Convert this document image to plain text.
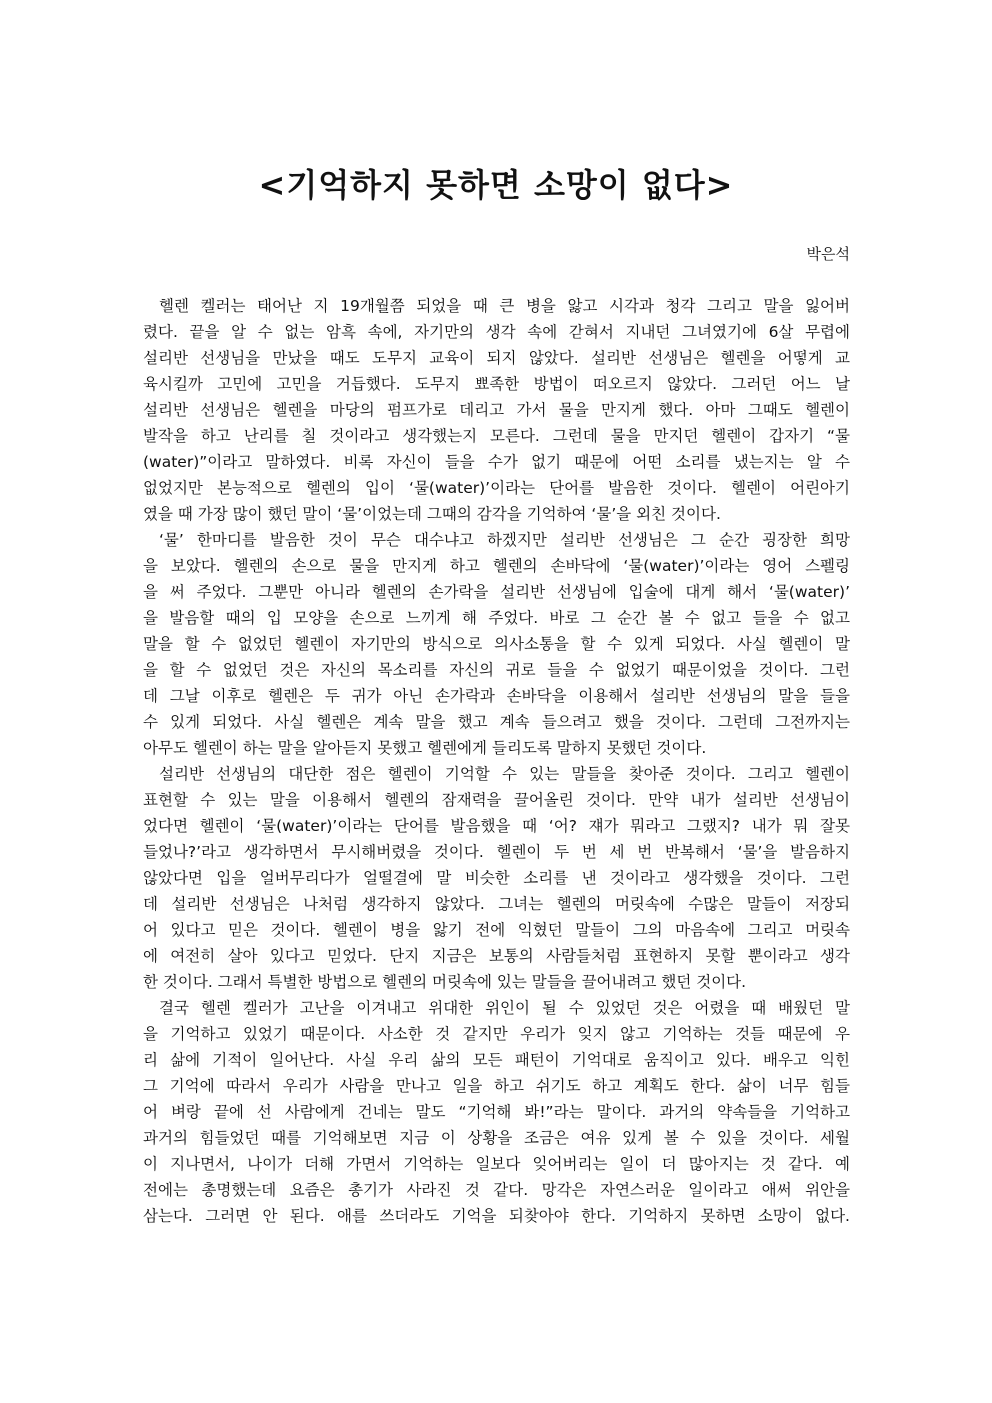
<기억하지 못하면 소망이 없다>
박은석
헬렌 켈러는 태어난 지 19개월쯤 되었을 때 큰 병을 앓고 시각과 청각 그리고 말을 잃어버
렸다. 끝을 알 수 없는 암흑 속에, 자기만의 생각 속에 갇혀서 지내던 그녀였기에 6살 무렵에
설리반 선생님을 만났을 때도 도무지 교육이 되지 않았다. 설리반 선생님은 헬렌을 어떻게 교
육시킬까 고민에 고민을 거듭했다. 도무지 뾰족한 방법이 떠오르지 않았다. 그러던 어느 날
설리반 선생님은 헬렌을 마당의 펌프가로 데리고 가서 물을 만지게 했다. 아마 그때도 헬렌이
발작을 하고 난리를 칠 것이라고 생각했는지 모른다. 그런데 물을 만지던 헬렌이 갑자기 “물
(water)”이라고 말하였다. 비록 자신이 들을 수가 없기 때문에 어떤 소리를 냈는지는 알 수
없었지만 본능적으로 헬렌의 입이 ‘물(water)’이라는 단어를 발음한 것이다. 헬렌이 어린아기
였을 때 가장 많이 했던 말이 ‘물’이었는데 그때의 감각을 기억하여 ‘물’을 외친 것이다.
‘물’ 한마디를 발음한 것이 무슨 대수냐고 하겠지만 설리반 선생님은 그 순간 굉장한 희망
을 보았다. 헬렌의 손으로 물을 만지게 하고 헬렌의 손바닥에 ‘물(water)’이라는 영어 스펠링
을 써 주었다. 그뿐만 아니라 헬렌의 손가락을 설리반 선생님에 입술에 대게 해서 ‘물(water)’
을 발음할 때의 입 모양을 손으로 느끼게 해 주었다. 바로 그 순간 볼 수 없고 들을 수 없고
말을 할 수 없었던 헬렌이 자기만의 방식으로 의사소통을 할 수 있게 되었다. 사실 헬렌이 말
을 할 수 없었던 것은 자신의 목소리를 자신의 귀로 들을 수 없었기 때문이었을 것이다. 그런
데 그날 이후로 헬렌은 두 귀가 아닌 손가락과 손바닥을 이용해서 설리반 선생님의 말을 들을
수 있게 되었다. 사실 헬렌은 계속 말을 했고 계속 들으려고 했을 것이다. 그런데 그전까지는
아무도 헬렌이 하는 말을 알아듣지 못했고 헬렌에게 들리도록 말하지 못했던 것이다.
설리반 선생님의 대단한 점은 헬렌이 기억할 수 있는 말들을 찾아준 것이다. 그리고 헬렌이
표현할 수 있는 말을 이용해서 헬렌의 잠재력을 끌어올린 것이다. 만약 내가 설리반 선생님이
었다면 헬렌이 ‘물(water)’이라는 단어를 발음했을 때 ‘어? 쟤가 뭐라고 그랬지? 내가 뭐 잘못
들었나?’라고 생각하면서 무시해버렸을 것이다. 헬렌이 두 번 세 번 반복해서 ‘물’을 발음하지
않았다면 입을 얼버무리다가 얼떨결에 말 비슷한 소리를 낸 것이라고 생각했을 것이다. 그런
데 설리반 선생님은 나처럼 생각하지 않았다. 그녀는 헬렌의 머릿속에 수많은 말들이 저장되
어 있다고 믿은 것이다. 헬렌이 병을 앓기 전에 익혔던 말들이 그의 마음속에 그리고 머릿속
에 여전히 살아 있다고 믿었다. 단지 지금은 보통의 사람들처럼 표현하지 못할 뿐이라고 생각
한 것이다. 그래서 특별한 방법으로 헬렌의 머릿속에 있는 말들을 끌어내려고 했던 것이다.
결국 헬렌 켈러가 고난을 이겨내고 위대한 위인이 될 수 있었던 것은 어렸을 때 배웠던 말
을 기억하고 있었기 때문이다. 사소한 것 같지만 우리가 잊지 않고 기억하는 것들 때문에 우
리 삶에 기적이 일어난다. 사실 우리 삶의 모든 패턴이 기억대로 움직이고 있다. 배우고 익힌
그 기억에 따라서 우리가 사람을 만나고 일을 하고 쉬기도 하고 계획도 한다. 삶이 너무 힘들
어 벼랑 끝에 선 사람에게 건네는 말도 “기억해 봐!”라는 말이다. 과거의 약속들을 기억하고
과거의 힘들었던 때를 기억해보면 지금 이 상황을 조금은 여유 있게 볼 수 있을 것이다. 세월
이 지나면서, 나이가 더해 가면서 기억하는 일보다 잊어버리는 일이 더 많아지는 것 같다. 예
전에는 총명했는데 요즘은 총기가 사라진 것 같다. 망각은 자연스러운 일이라고 애써 위안을
삼는다. 그러면 안 된다. 애를 쓰더라도 기억을 되찾아야 한다. 기억하지 못하면 소망이 없다.
